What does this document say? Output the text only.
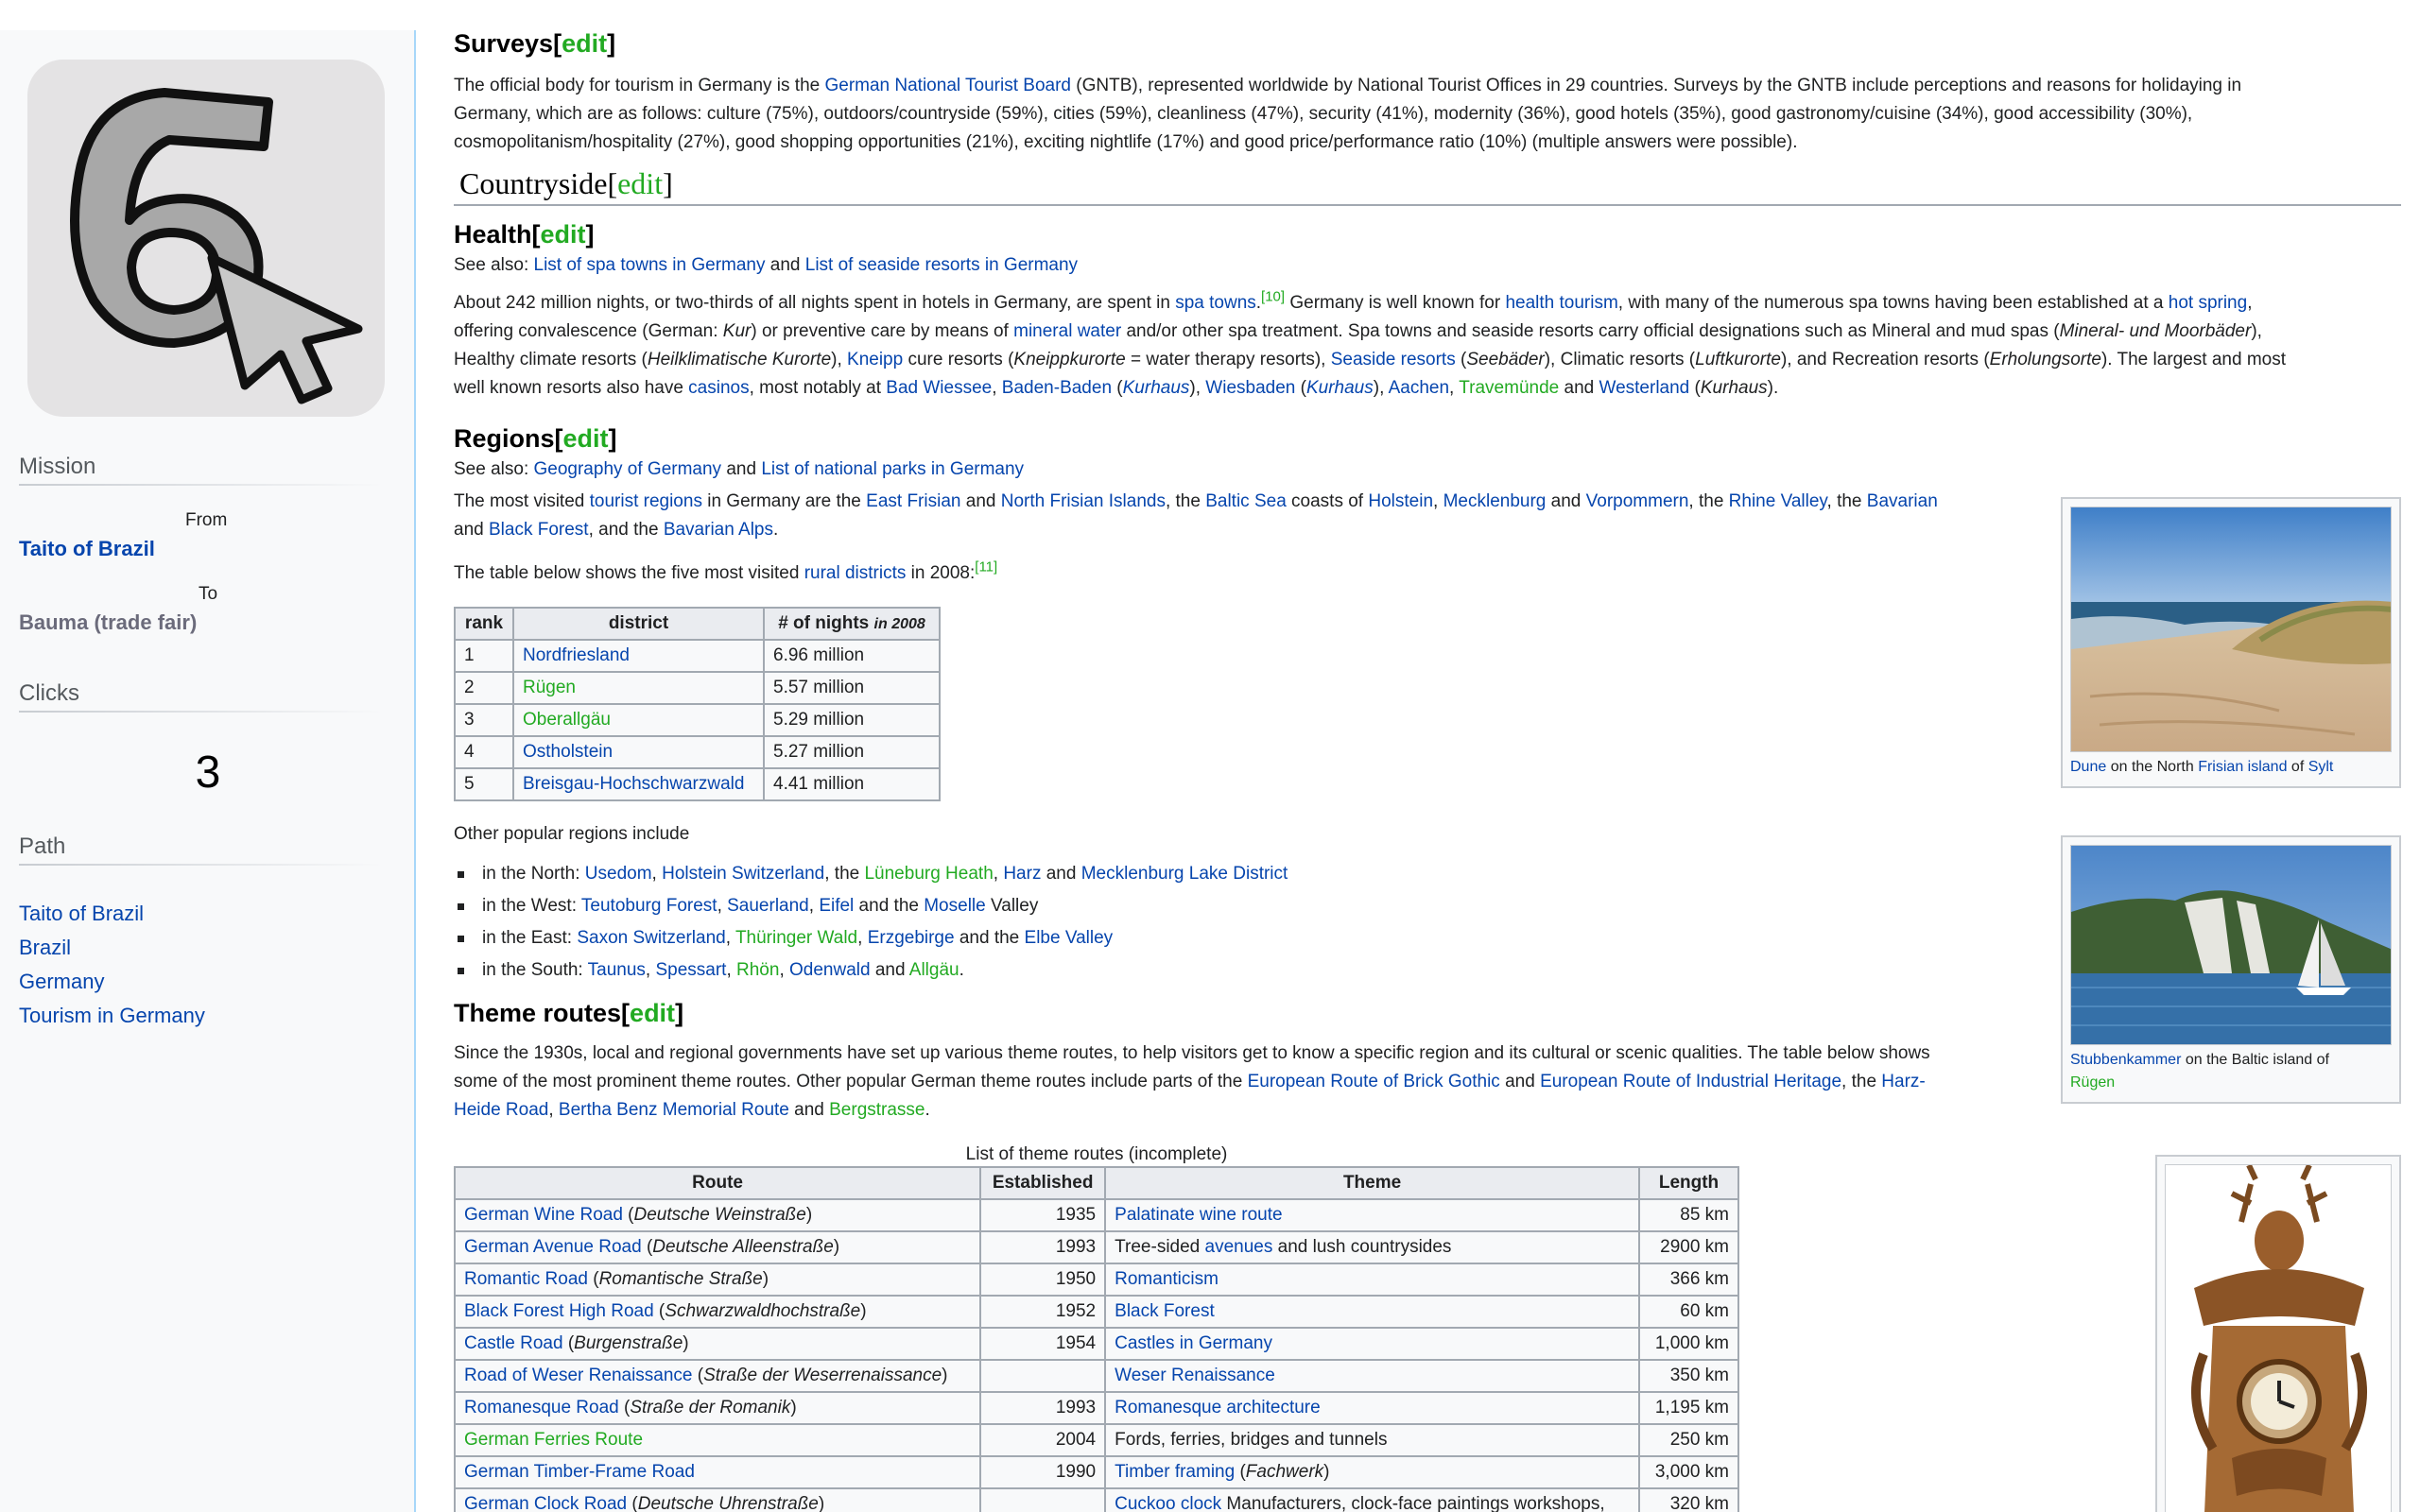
Mission
From
Taito of Brazil
To
Bauma (trade fair)
Clicks
3
Path
Taito of Brazil
Brazil
Germany
Tourism in Germany
Surveys[edit]
The official body for tourism in Germany is the German National Tourist Board (GNTB), represented worldwide by National Tourist Offices in 29 countries. Surveys by the GNTB include perceptions and reasons for holidaying in
Germany, which are as follows: culture (75%), outdoors/countryside (59%), cities (59%), cleanliness (47%), security (41%), modernity (36%), good hotels (35%), good gastronomy/cuisine (34%), good accessibility (30%),
cosmopolitanism/hospitality (27%), good shopping opportunities (21%), exciting nightlife (17%) and good price/performance ratio (10%) (multiple answers were possible).
Countryside[edit]
Health[edit]
See also: List of spa towns in Germany and List of seaside resorts in Germany
About 242 million nights, or two-thirds of all nights spent in hotels in Germany, are spent in spa towns.[10] Germany is well known for health tourism, with many of the numerous spa towns having been established at a hot spring,
offering convalescence (German: Kur) or preventive care by means of mineral water and/or other spa treatment. Spa towns and seaside resorts carry official designations such as Mineral and mud spas (Mineral- und Moorbäder),
Healthy climate resorts (Heilklimatische Kurorte), Kneipp cure resorts (Kneippkurorte = water therapy resorts), Seaside resorts (Seebäder), Climatic resorts (Luftkurorte), and Recreation resorts (Erholungsorte). The largest and most
well known resorts also have casinos, most notably at Bad Wiessee, Baden-Baden (Kurhaus), Wiesbaden (Kurhaus), Aachen, Travemünde and Westerland (Kurhaus).
Regions[edit]
See also: Geography of Germany and List of national parks in Germany
The most visited tourist regions in Germany are the East Frisian and North Frisian Islands, the Baltic Sea coasts of Holstein, Mecklenburg and Vorpommern, the Rhine Valley, the Bavarian
and Black Forest, and the Bavarian Alps.
The table below shows the five most visited rural districts in 2008:[11]
rank	district	# of nights in 2008
1	Nordfriesland	6.96 million
2	Rügen	5.57 million
3	Oberallgäu	5.29 million
4	Ostholstein	5.27 million
5	Breisgau-Hochschwarzwald	4.41 million
Other popular regions include
in the North: Usedom, Holstein Switzerland, the Lüneburg Heath, Harz and Mecklenburg Lake District
in the West: Teutoburg Forest, Sauerland, Eifel and the Moselle Valley
in the East: Saxon Switzerland, Thüringer Wald, Erzgebirge and the Elbe Valley
in the South: Taunus, Spessart, Rhön, Odenwald and Allgäu.
Theme routes[edit]
Since the 1930s, local and regional governments have set up various theme routes, to help visitors get to know a specific region and its cultural or scenic qualities. The table below shows
some of the most prominent theme routes. Other popular German theme routes include parts of the European Route of Brick Gothic and European Route of Industrial Heritage, the Harz-
Heide Road, Bertha Benz Memorial Route and Bergstrasse.
List of theme routes (incomplete)
Route	Established	Theme	Length
German Wine Road (Deutsche Weinstraße)	1935	Palatinate wine route	85 km
German Avenue Road (Deutsche Alleenstraße)	1993	Tree-sided avenues and lush countrysides	2900 km
Romantic Road (Romantische Straße)	1950	Romanticism	366 km
Black Forest High Road (Schwarzwaldhochstraße)	1952	Black Forest	60 km
Castle Road (Burgenstraße)	1954	Castles in Germany	1,000 km
Road of Weser Renaissance (Straße der Weserrenaissance)		Weser Renaissance	350 km
Romanesque Road (Straße der Romanik)	1993	Romanesque architecture	1,195 km
German Ferries Route	2004	Fords, ferries, bridges and tunnels	250 km
German Timber-Frame Road	1990	Timber framing (Fachwerk)	3,000 km
German Clock Road (Deutsche Uhrenstraße)		Cuckoo clock Manufacturers, clock-face paintings workshops,	320 km
Dune on the North Frisian island of Sylt
Stubbenkammer on the Baltic island of
Rügen
